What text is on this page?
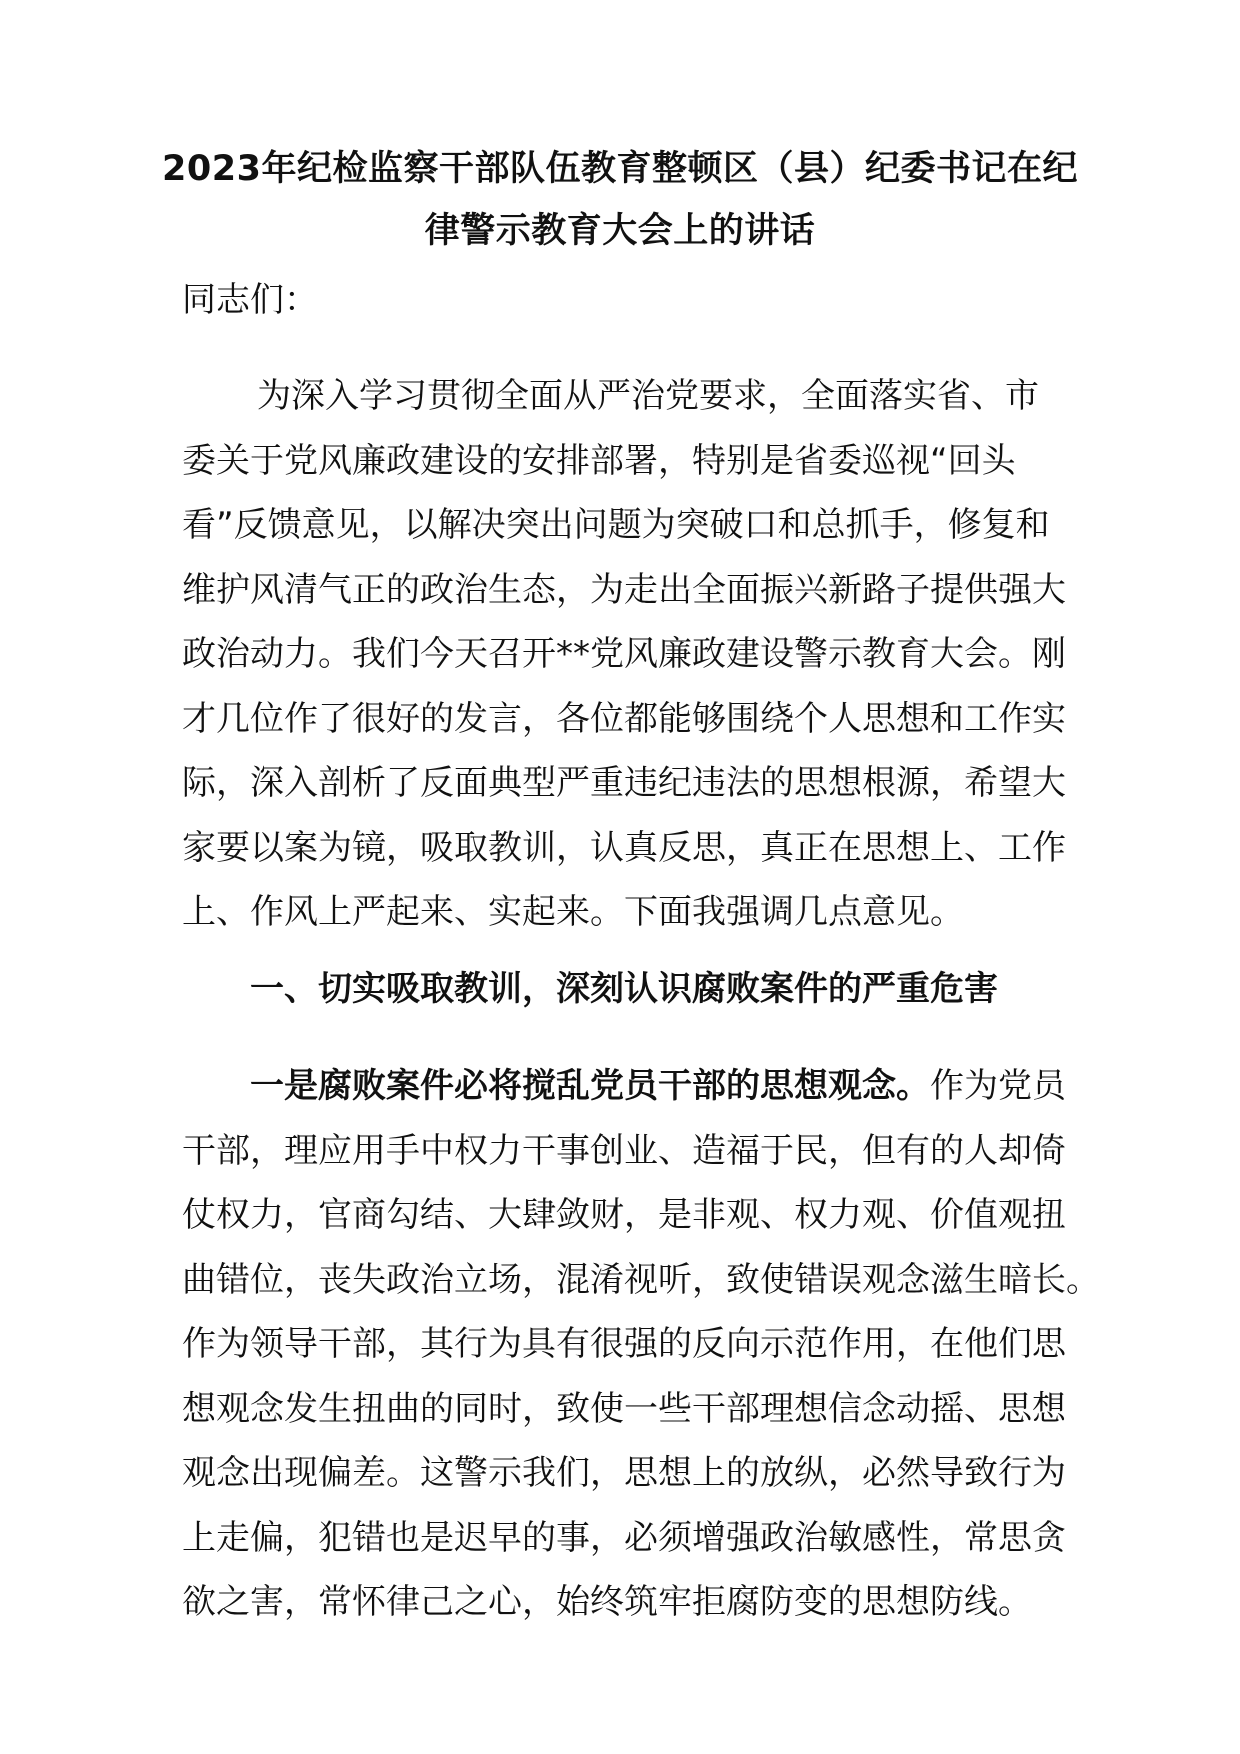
2023年纪检监察干部队伍教育整顿区（县）纪委书记在纪
律警示教育大会上的讲话
同志们：
为深入学习贯彻全面从严治党要求，全面落实省、市
委关于党风廉政建设的安排部署，特别是省委巡视“回头
看”反馈意见，以解决突出问题为突破口和总抓手，修复和
维护风清气正的政治生态，为走出全面振兴新路子提供强大
政治动力。我们今天召开**党风廉政建设警示教育大会。刚
才几位作了很好的发言，各位都能够围绕个人思想和工作实
际，深入剖析了反面典型严重违纪违法的思想根源，希望大
家要以案为镜，吸取教训，认真反思，真正在思想上、工作
上、作风上严起来、实起来。下面我强调几点意见。
一、切实吸取教训，深刻认识腐败案件的严重危害
一是腐败案件必将搅乱党员干部的思想观念。作为党员
干部，理应用手中权力干事创业、造福于民，但有的人却倚
仗权力，官商勾结、大肆敛财，是非观、权力观、价值观扭
曲错位，丧失政治立场，混淆视听，致使错误观念滋生暗长。
作为领导干部，其行为具有很强的反向示范作用，在他们思
想观念发生扭曲的同时，致使一些干部理想信念动摇、思想
观念出现偏差。这警示我们，思想上的放纵，必然导致行为
上走偏，犯错也是迟早的事，必须增强政治敏感性，常思贪
欲之害，常怀律己之心，始终筑牢拒腐防变的思想防线。
